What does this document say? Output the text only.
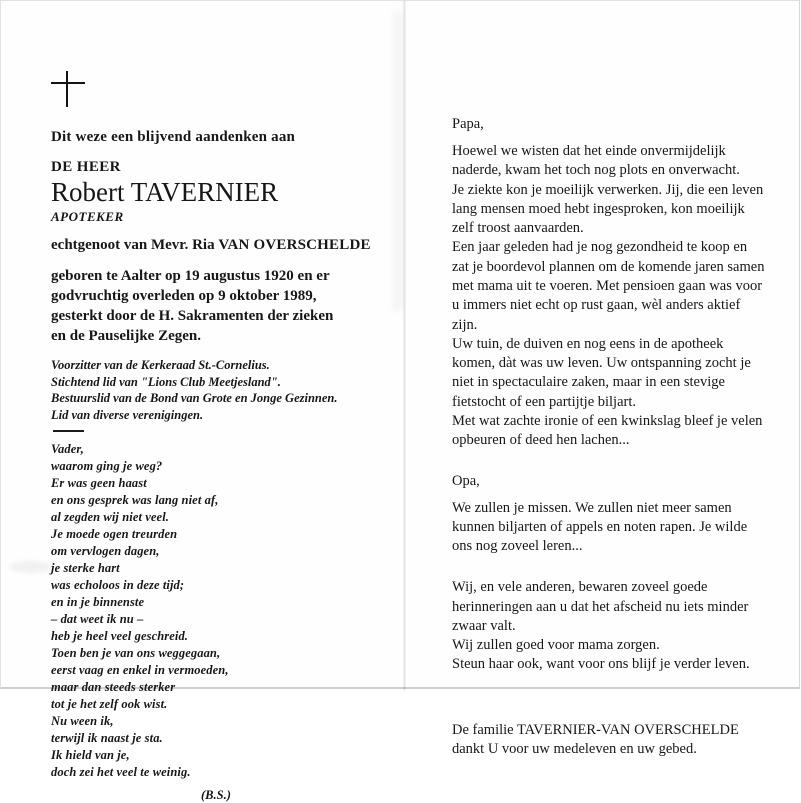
Dit weze een blijvend aandenken aan
DE HEER
Robert TAVERNIER
APOTEKER
echtgenoot van Mevr. Ria VAN OVERSCHELDE
geboren te Aalter op 19 augustus 1920 en er
godvruchtig overleden op 9 oktober 1989,
gesterkt door de H. Sakramenten der zieken
en de Pauselijke Zegen.
Voorzitter van de Kerkeraad St.-Cornelius.
Stichtend lid van "Lions Club Meetjesland".
Bestuurslid van de Bond van Grote en Jonge Gezinnen.
Lid van diverse verenigingen.
Vader,
waarom ging je weg?
Er was geen haast
en ons gesprek was lang niet af,
al zegden wij niet veel.
Je moede ogen treurden
om vervlogen dagen,
je sterke hart
was echoloos in deze tijd;
en in je binnenste
– dat weet ik nu –
heb je heel veel geschreid.
Toen ben je van ons weggegaan,
eerst vaag en enkel in vermoeden,
maar dan steeds sterker
tot je het zelf ook wist.
Nu ween ik,
terwijl ik naast je sta.
Ik hield van je,
doch zei het veel te weinig.
(B.S.)
Papa,
Hoewel we wisten dat het einde onvermijdelijk
naderde, kwam het toch nog plots en onverwacht.
Je ziekte kon je moeilijk verwerken. Jij, die een leven
lang mensen moed hebt ingesproken, kon moeilijk
zelf troost aanvaarden.
Een jaar geleden had je nog gezondheid te koop en
zat je boordevol plannen om de komende jaren samen
met mama uit te voeren. Met pensioen gaan was voor
u immers niet echt op rust gaan, wèl anders aktief
zijn.
Uw tuin, de duiven en nog eens in de apotheek
komen, dàt was uw leven. Uw ontspanning zocht je
niet in spectaculaire zaken, maar in een stevige
fietstocht of een partijtje biljart.
Met wat zachte ironie of een kwinkslag bleef je velen
opbeuren of deed hen lachen...
Opa,
We zullen je missen. We zullen niet meer samen
kunnen biljarten of appels en noten rapen. Je wilde
ons nog zoveel leren...
Wij, en vele anderen, bewaren zoveel goede
herinneringen aan u dat het afscheid nu iets minder
zwaar valt.
Wij zullen goed voor mama zorgen.
Steun haar ook, want voor ons blijf je verder leven.
De familie TAVERNIER-VAN OVERSCHELDE
dankt U voor uw medeleven en uw gebed.
